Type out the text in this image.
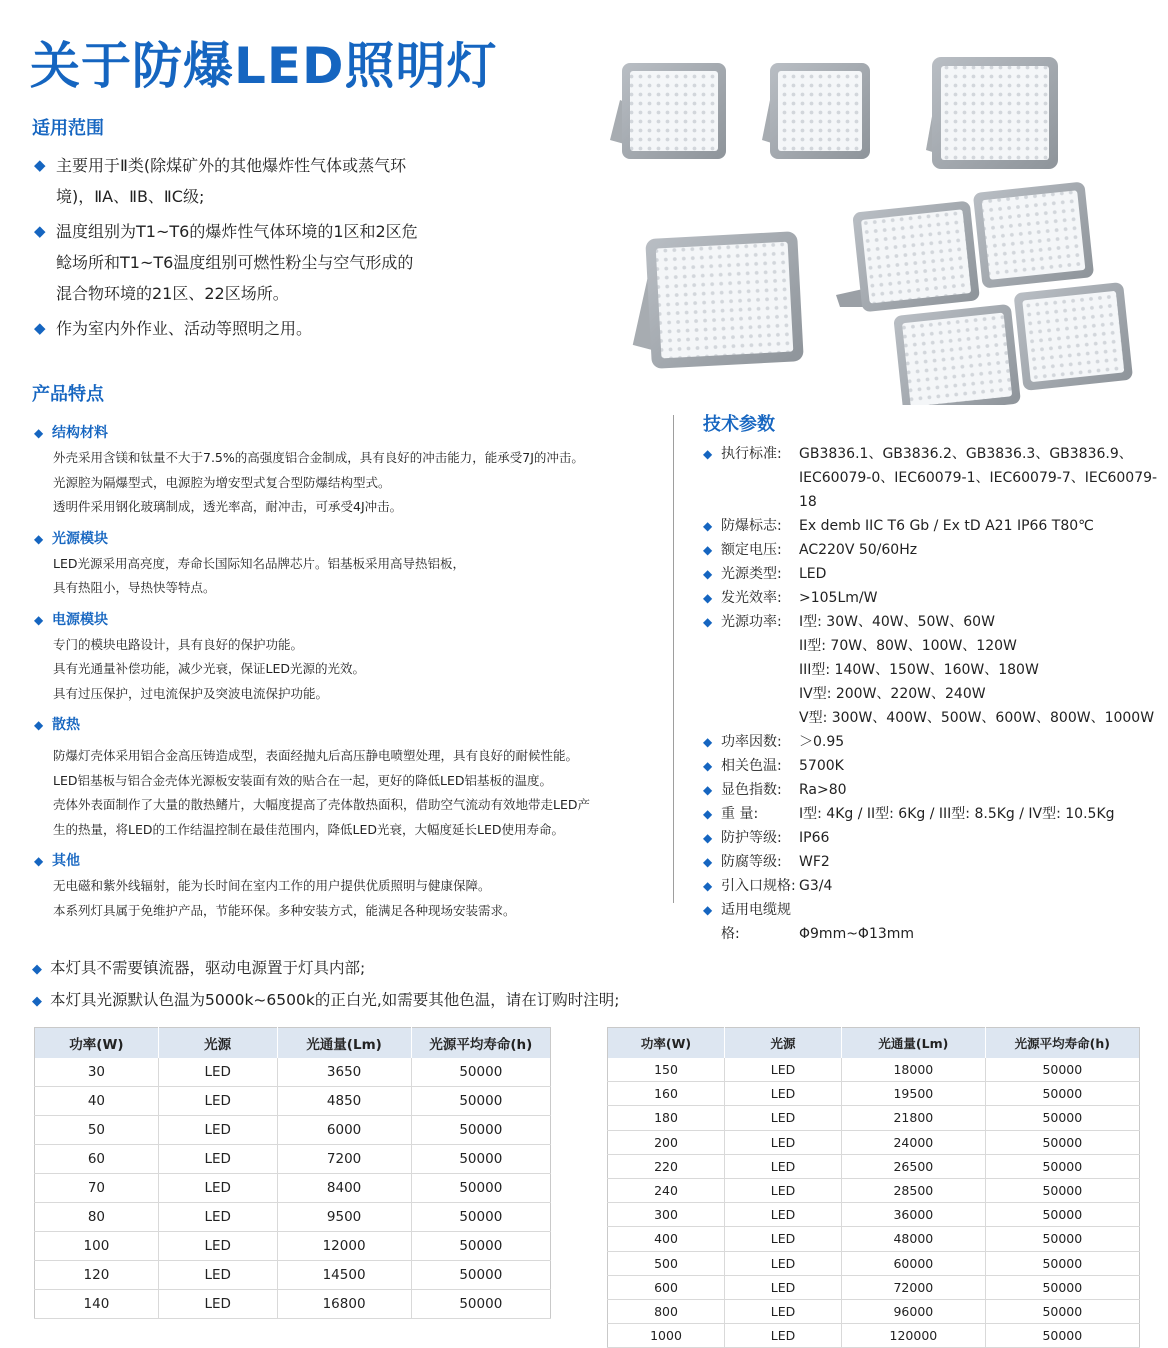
关于防爆LED照明灯
适用范围
◆ 主要用于Ⅱ类(除煤矿外的其他爆炸性气体或蒸气环
境)，ⅡA、ⅡB、ⅡC级;
◆ 温度组别为T1~T6的爆炸性气体环境的1区和2区危
鲶场所和T1~T6温度组别可燃性粉尘与空气形成的
混合物环境的21区、22区场所。
◆ 作为室内外作业、活动等照明之用。
产品特点
◆ 结构材料
外壳采用含镁和钛量不大于7.5%的高强度铝合金制成，具有良好的冲击能力，能承受7J的冲击。
光源腔为隔爆型式，电源腔为增安型式复合型防爆结构型式。
透明件采用钢化玻璃制成，透光率高，耐冲击，可承受4J冲击。
◆ 光源模块
LED光源采用高亮度，寿命长国际知名品牌芯片。铝基板采用高导热铝板，
具有热阻小，导热快等特点。
◆ 电源模块
专门的模块电路设计，具有良好的保护功能。
具有光通量补偿功能，减少光衰，保证LED光源的光效。
具有过压保护，过电流保护及突波电流保护功能。
◆ 散热
防爆灯壳体采用铝合金高压铸造成型，表面经抛丸后高压静电喷塑处理，具有良好的耐候性能。
LED铝基板与铝合金壳体光源板安装面有效的贴合在一起，更好的降低LED铝基板的温度。
壳体外表面制作了大量的散热鳍片，大幅度提高了壳体散热面积，借助空气流动有效地带走LED产
生的热量，将LED的工作结温控制在最佳范围内，降低LED光衰，大幅度延长LED使用寿命。
◆ 其他
无电磁和紫外线辐射，能为长时间在室内工作的用户提供优质照明与健康保障。
本系列灯具属于免维护产品，节能环保。多种安装方式，能满足各种现场安装需求。
技术参数
◆ 执行标准: GB3836.1、GB3836.2、GB3836.3、GB3836.9、
IEC60079-0、IEC60079-1、IEC60079-7、IEC60079-18
◆ 防爆标志: Ex demb IIC T6 Gb / Ex tD A21 IP66 T80℃
◆ 额定电压: AC220V 50/60Hz
◆ 光源类型: LED
◆ 发光效率: >105Lm/W
◆ 光源功率: I型: 30W、40W、50W、60W
II型: 70W、80W、100W、120W
III型: 140W、150W、160W、180W
IV型: 200W、220W、240W
V型: 300W、400W、500W、600W、800W、1000W
◆ 功率因数: ＞0.95
◆ 相关色温: 5700K
◆ 显色指数: Ra>80
◆ 重 量:	I型: 4Kg / II型: 6Kg / III型: 8.5Kg / IV型: 10.5Kg
◆ 防护等级: IP66
◆ 防腐等级: WF2
◆ 引入口规格:G3/4
◆ 适用电缆规格:	Φ9mm~Φ13mm
◆ 本灯具不需要镇流器，驱动电源置于灯具内部;
◆ 本灯具光源默认色温为5000k~6500k的正白光,如需要其他色温，请在订购时注明;
功率(W)	光源	光通量(Lm)	光源平均寿命(h)
30	LED	3650	50000
40	LED	4850	50000
50	LED	6000	50000
60	LED	7200	50000
70	LED	8400	50000
80	LED	9500	50000
100	LED	12000	50000
120	LED	14500	50000
140	LED	16800	50000
功率(W)	光源	光通量(Lm)	光源平均寿命(h)
150	LED	18000	50000
160	LED	19500	50000
180	LED	21800	50000
200	LED	24000	50000
220	LED	26500	50000
240	LED	28500	50000
300	LED	36000	50000
400	LED	48000	50000
500	LED	60000	50000
600	LED	72000	50000
800	LED	96000	50000
1000	LED	120000	50000
